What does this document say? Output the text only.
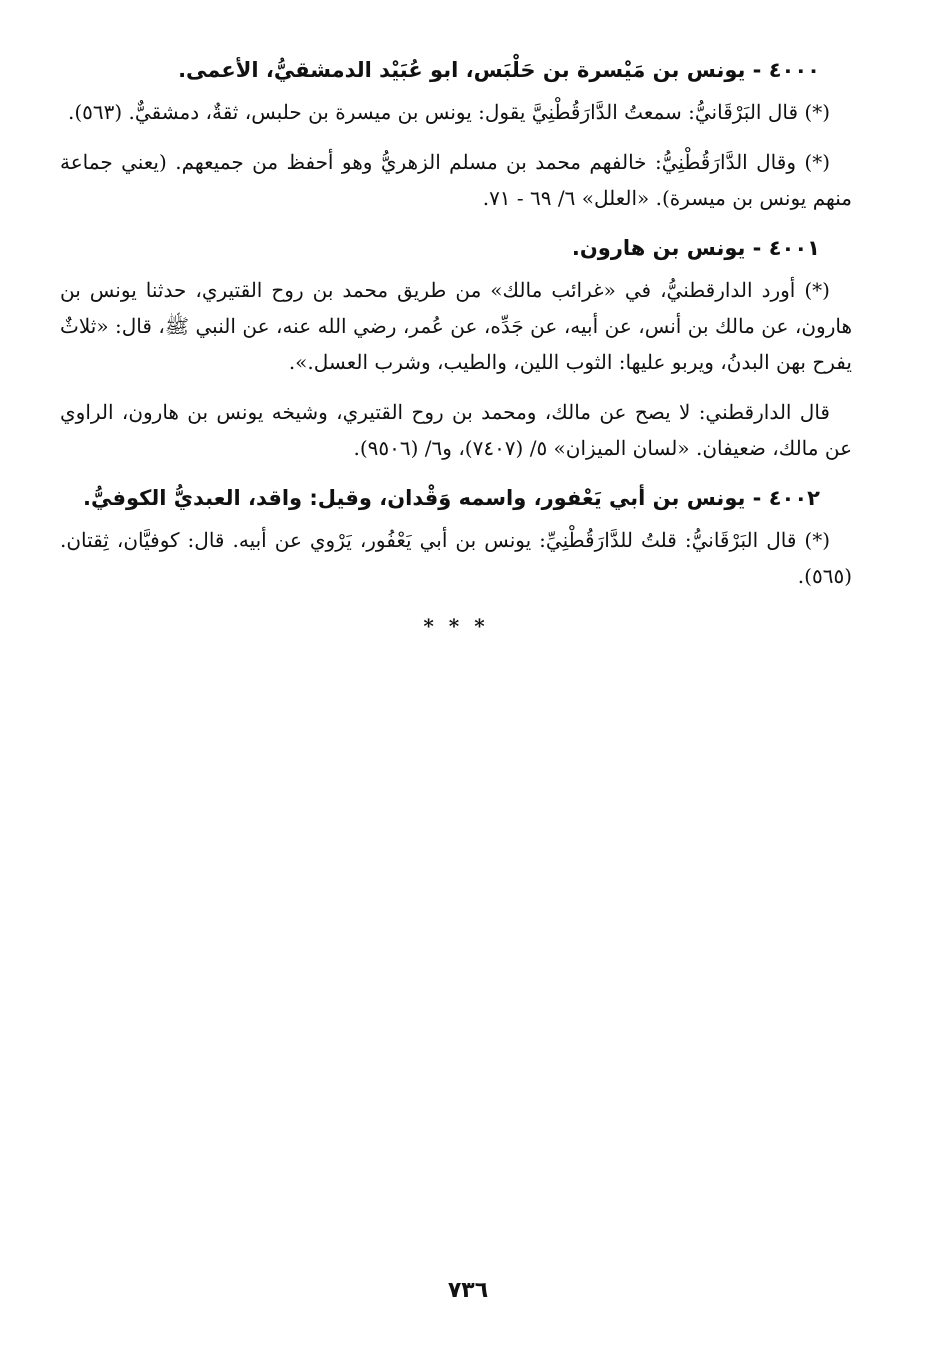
٤٠٠٠ - يونس بن مَيْسرة بن حَلْبَس، ابو عُبَيْد الدمشقيُّ، الأعمى.

(*) قال البَرْقَانيُّ: سمعتُ الدَّارَقُطْنِيَّ يقول: يونس بن ميسرة بن حلبس، ثقةٌ، دمشقيٌّ. (٥٦٣).

(*) وقال الدَّارَقُطْنِيُّ: خالفهم محمد بن مسلم الزهريُّ وهو أحفظ من جميعهم. (يعني جماعة منهم يونس بن ميسرة). «العلل» ٦/ ٦٩ - ٧١.

٤٠٠١ - يونس بن هارون.

(*) أورد الدارقطنيُّ، في «غرائب مالك» من طريق محمد بن روح القتيري، حدثنا يونس بن هارون، عن مالك بن أنس، عن أبيه، عن جَدِّه، عن عُمر، رضي الله عنه، عن النبي ﷺ، قال: «ثلاثٌ يفرح بهن البدنُ، ويربو عليها: الثوب اللين، والطيب، وشرب العسل.».

قال الدارقطني: لا يصح عن مالك، ومحمد بن روح القتيري، وشيخه يونس بن هارون، الراوي عن مالك، ضعيفان. «لسان الميزان» ٥/ (٧٤٠٧)، و٦/ (٩٥٠٦).

٤٠٠٢ - يونس بن أبي يَعْفور، واسمه وَقْدان، وقيل: واقد، العبديُّ الكوفيُّ.

(*) قال البَرْقَانيُّ: قلتُ للدَّارَقُطْنِيِّ: يونس بن أبي يَعْفُور، يَرْوي عن أبيه. قال: كوفيَّان، ثِقتان. (٥٦٥).

* * *
٧٣٦
